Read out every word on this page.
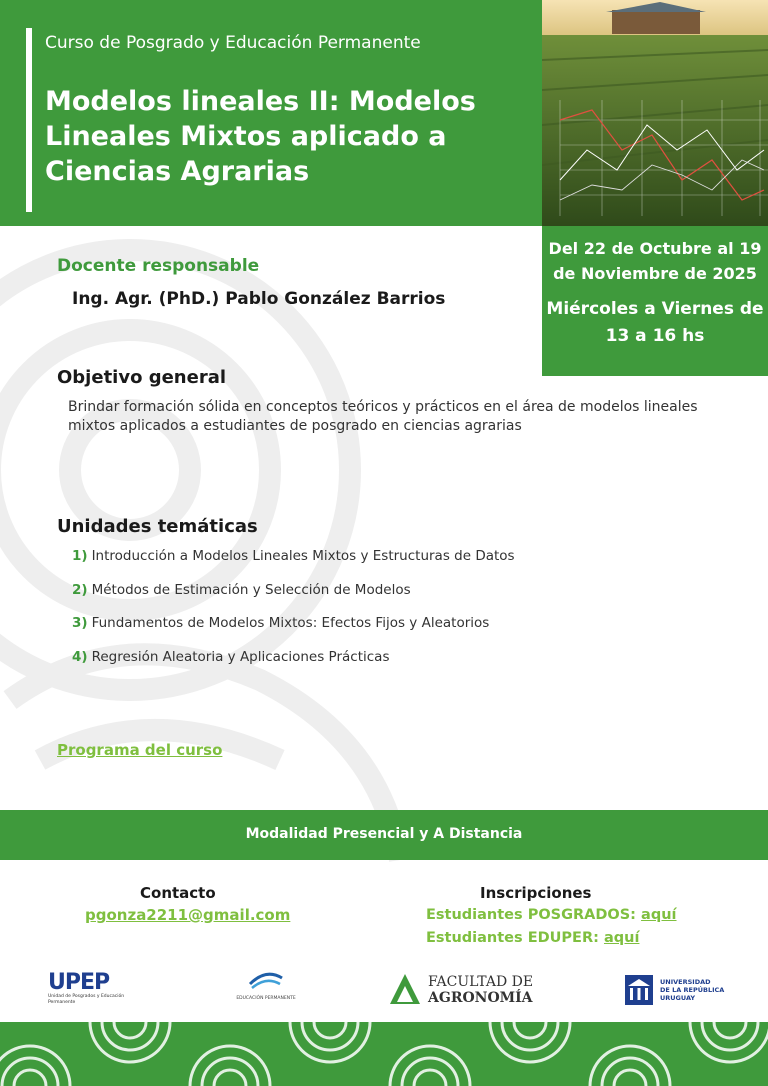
Curso de Posgrado y Educación Permanente
Modelos lineales II: Modelos Lineales Mixtos aplicado a Ciencias Agrarias
Del 22 de Octubre al 19 de Noviembre de 2025
Miércoles a Viernes de 13 a 16 hs
Docente responsable
Ing. Agr. (PhD.) Pablo González Barrios
Objetivo general
Brindar formación sólida en conceptos teóricos y prácticos en el área de modelos lineales mixtos aplicados a estudiantes de posgrado en ciencias agrarias
Unidades temáticas
1) Introducción a Modelos Lineales Mixtos y Estructuras de Datos
2) Métodos de Estimación y Selección de Modelos
3) Fundamentos de Modelos Mixtos: Efectos Fijos y Aleatorios
4) Regresión Aleatoria y Aplicaciones Prácticas
Programa del curso
Modalidad Presencial y A Distancia
Contacto
pgonza2211@gmail.com
Inscripciones
Estudiantes POSGRADOS: aquí
Estudiantes EDUPER: aquí
UPEP
Unidad de Posgrados y Educación Permanente
EDUCACIÓN PERMANENTE
FACULTAD DE
AGRONOMÍA
UNIVERSIDAD
DE LA REPÚBLICA
URUGUAY
